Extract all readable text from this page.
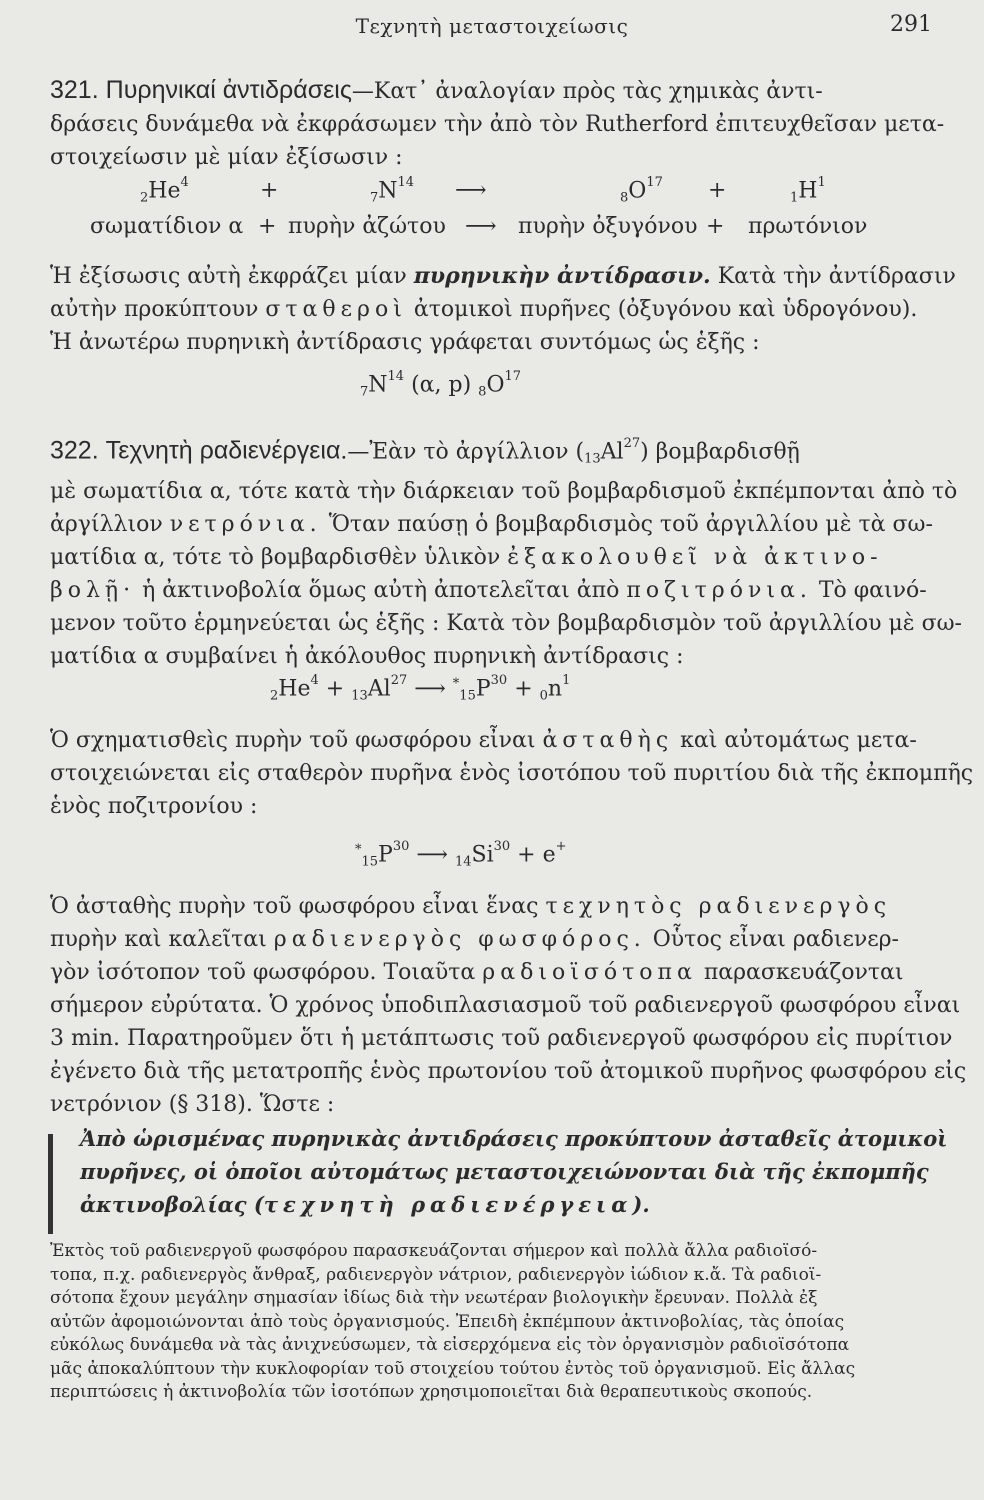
Τεχνητὴ μεταστοιχείωσις	291
321. Πυρηνικαί ἀντιδράσεις—Κατ᾽ ἀναλογίαν πρὸς τὰς χημικὰς ἀντι-
δράσεις δυνάμεθα νὰ ἐκφράσωμεν τὴν ἀπὸ τὸν Rutherford ἐπιτευχθεῖσαν μετα-
στοιχείωσιν μὲ μίαν ἐξίσωσιν :
$2He^4$	+	$7N^{14}$ ⟶	$8O^{17}$ +	$1H^1$
σωματίδιον α + πυρὴν ἀζώτου ⟶ πυρὴν ὀξυγόνου + πρωτόνιον
Ἡ ἐξίσωσις αὐτὴ ἐκφράζει μίαν πυρηνικὴν ἀντίδρασιν. Κατὰ τὴν ἀντίδρασιν
αὐτὴν προκύπτουν σταθεροὶ ἀτομικοὶ πυρῆνες (ὀξυγόνου καὶ ὑδρογόνου).
Ἡ ἀνωτέρω πυρηνικὴ ἀντίδρασις γράφεται συντόμως ὡς ἑξῆς :
$7N^{14}$ (α, p) $8O^{17}$
322. Τεχνητὴ ραδιενέργεια.—Ἐὰν τὸ ἀργίλλιον (13Al$^{27}$) βομβαρδισθῇ
μὲ σωματίδια α, τότε κατὰ τὴν διάρκειαν τοῦ βομβαρδισμοῦ ἐκπέμπονται ἀπὸ τὸ
ἀργίλλιον νετρόνια. Ὅταν παύσῃ ὁ βομβαρδισμὸς τοῦ ἀργιλλίου μὲ τὰ σω-
ματίδια α, τότε τὸ βομβαρδισθὲν ὑλικὸν ἐξακολουθεῖ νὰ ἀκτινο-
βολῇ· ἡ ἀκτινοβολία ὅμως αὐτὴ ἀποτελεῖται ἀπὸ ποζιτρόνια. Τὸ φαινό-
μενον τοῦτο ἑρμηνεύεται ὡς ἑξῆς : Κατὰ τὸν βομβαρδισμὸν τοῦ ἀργιλλίου μὲ σω-
ματίδια α συμβαίνει ἡ ἀκόλουθος πυρηνικὴ ἀντίδρασις :
$2He^4 + 13Al^{27}$ ⟶ $^*15P^{30} + 0n^1$
Ὁ σχηματισθεὶς πυρὴν τοῦ φωσφόρου εἶναι ἀσταθὴς καὶ αὐτομάτως μετα-
στοιχειώνεται εἰς σταθερὸν πυρῆνα ἑνὸς ἰσοτόπου τοῦ πυριτίου διὰ τῆς ἐκπομπῆς
ἑνὸς ποζιτρονίου :
$^*15P^{30}$ ⟶ $14Si^{30} + e^+$
Ὁ ἀσταθὴς πυρὴν τοῦ φωσφόρου εἶναι ἕνας τεχνητὸς ραδιενεργὸς
πυρὴν καὶ καλεῖται ραδιενεργὸς φωσφόρος. Οὗτος εἶναι ραδιενερ-
γὸν ἰσότοπον τοῦ φωσφόρου. Τοιαῦτα ραδιοϊσότοπα παρασκευάζονται
σήμερον εὐρύτατα. Ὁ χρόνος ὑποδιπλασιασμοῦ τοῦ ραδιενεργοῦ φωσφόρου εἶναι
3 min. Παρατηροῦμεν ὅτι ἡ μετάπτωσις τοῦ ραδιενεργοῦ φωσφόρου εἰς πυρίτιον
ἐγένετο διὰ τῆς μετατροπῆς ἑνὸς πρωτονίου τοῦ ἀτομικοῦ πυρῆνος φωσφόρου εἰς
νετρόνιον (§ 318). Ὥστε :
Ἀπὸ ὡρισμένας πυρηνικὰς ἀντιδράσεις προκύπτουν ἀσταθεῖς ἀτομικοὶ
πυρῆνες, οἱ ὁποῖοι αὐτομάτως μεταστοιχειώνονται διὰ τῆς ἐκπομπῆς
ἀκτινοβολίας (τεχνητὴ ραδιενέργεια).
Ἐκτὸς τοῦ ραδιενεργοῦ φωσφόρου παρασκευάζονται σήμερον καὶ πολλὰ ἄλλα ραδιοϊσό-
τοπα, π.χ. ραδιενεργὸς ἄνθραξ, ραδιενεργὸν νάτριον, ραδιενεργὸν ἰώδιον κ.ἄ. Τὰ ραδιοϊ-
σότοπα ἔχουν μεγάλην σημασίαν ἰδίως διὰ τὴν νεωτέραν βιολογικὴν ἔρευναν. Πολλὰ ἐξ
αὐτῶν ἀφομοιώνονται ἀπὸ τοὺς ὀργανισμούς. Ἐπειδὴ ἐκπέμπουν ἀκτινοβολίας, τὰς ὁποίας
εὐκόλως δυνάμεθα νὰ τὰς ἀνιχνεύσωμεν, τὰ εἰσερχόμενα εἰς τὸν ὀργανισμὸν ραδιοϊσότοπα
μᾶς ἀποκαλύπτουν τὴν κυκλοφορίαν τοῦ στοιχείου τούτου ἐντὸς τοῦ ὀργανισμοῦ. Εἰς ἄλλας
περιπτώσεις ἡ ἀκτινοβολία τῶν ἰσοτόπων χρησιμοποιεῖται διὰ θεραπευτικοὺς σκοπούς.
